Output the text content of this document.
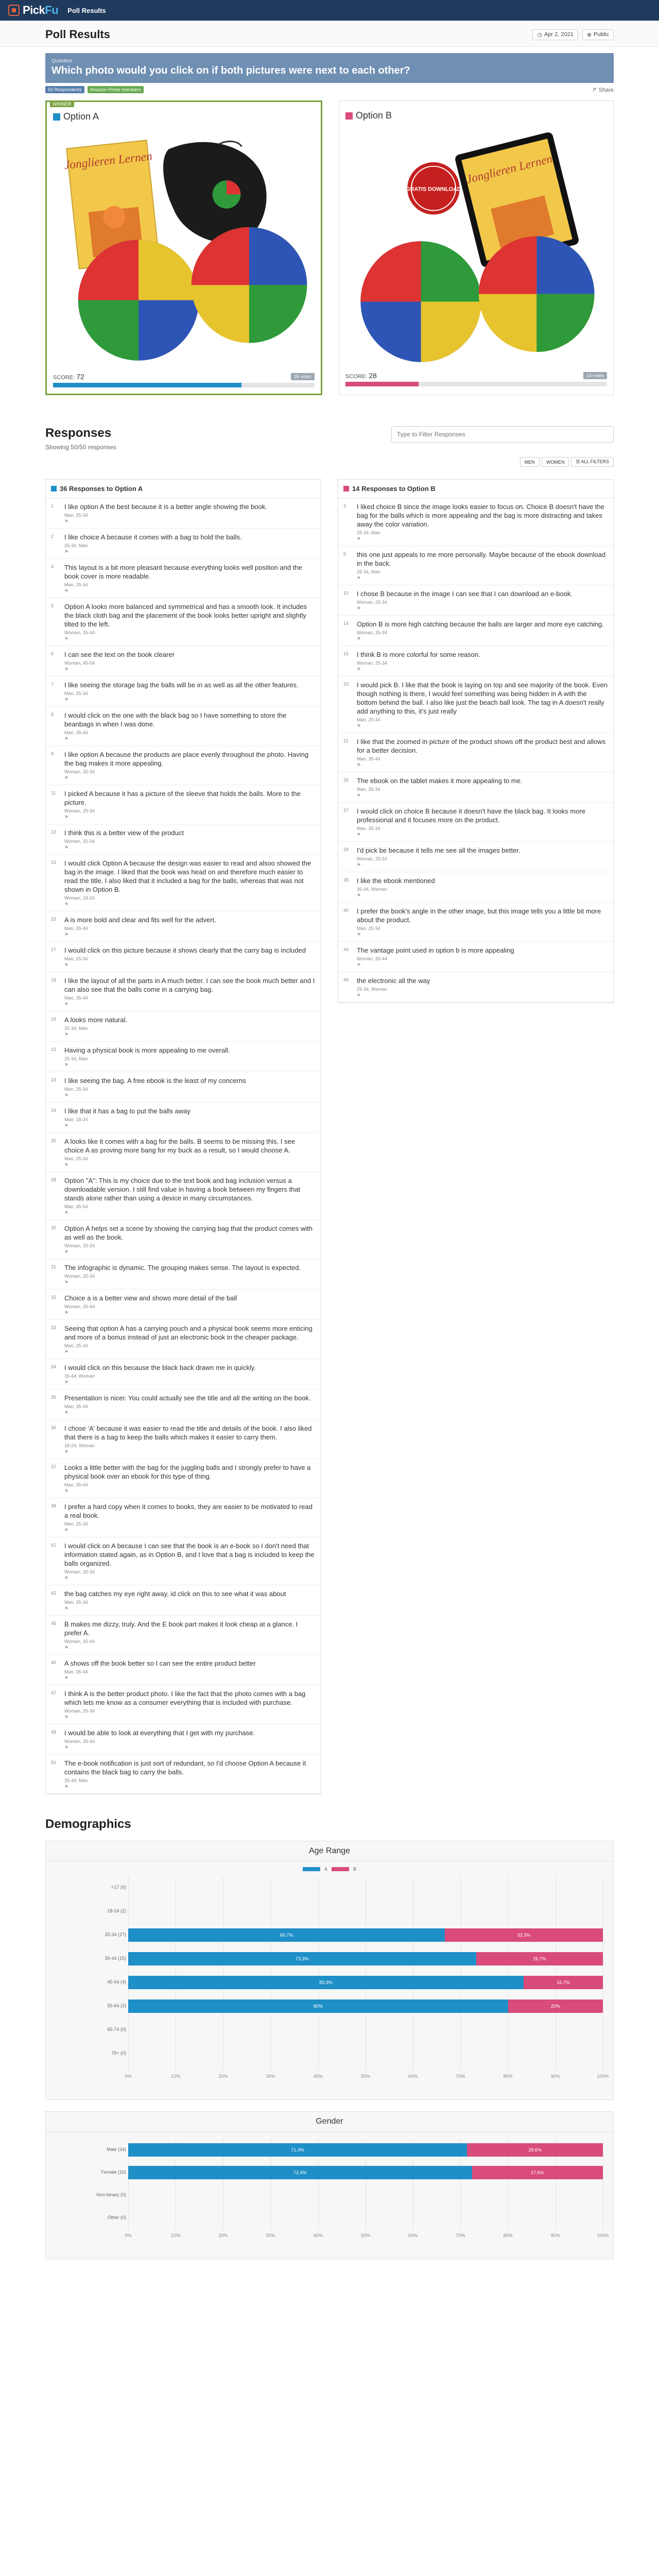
PickFu Poll Results
Poll Results	◷ Apr 2, 2021 ⊕ Public
Question
Which photo would you click on if both pictures were next to each other?
50 Respondents	Amazon Prime members	↱ Share
WINNER
Option A
Jonglieren Lernen
SCORE: 72	36 votes
Option B
Jonglieren Lernen
GRATIS DOWNLOAD
SCORE: 28	14 votes
Responses
Showing 50/50 responses
Type to Filter Responses
MEN	WOMEN	☰ ALL FILTERS
36 Responses to Option A
1	I like option A the best because it is a better angle showing the book.
Man, 25-34
⚑
2	I like choice A because it comes with a bag to hold the balls.
25-34, Man
⚑
4	This layout is a bit more pleasant because everything looks well position and the book cover is more readable.
Man, 25-34
⚑
5	Option A looks more balanced and symmetrical and has a smooth look. It includes the black cloth bag and the placement of the book looks better upright and slightly tilted to the left.
Woman, 35-44
⚑
6	I can see the text on the book clearer
Woman, 45-54
⚑
7	I like seeing the storage bag the balls will be in as well as all the other features.
Man, 25-34
⚑
8	I would click on the one with the black bag so I have something to store the beanbags in when I was done.
Man, 35-44
⚑
9	I like option A because the products are place evenly throughout the photo. Having the bag makes it more appealing.
Woman, 25-34
⚑
11	I picked A because it has a picture of the sleeve that holds the balls. More to the picture.
Woman, 25-34
⚑
12	I think this is a better view of the product
Woman, 25-34
⚑
13	I would click Option A because the design was easier to read and alsoo showed the bag in the image. I liked that the book was head on and therefore much easier to read the title. I also liked that it included a bag for the balls, whereas that was not shown in Option B.
Woman, 18-24
⚑
15	A is more bold and clear and fits well for the advert.
Man, 35-44
⚑
17	I would click on this picture because it shows clearly that the carry bag is included
Man, 25-34
⚑
18	I like the layout of all the parts in A much better. I can see the book much better and I can also see that the balls come in a carrying bag.
Man, 35-44
⚑
19	A looks more natural.
25-34, Man
⚑
22	Having a physical book is more appealing to me overall.
25-34, Man
⚑
23	I like seeing the bag. A free ebook is the least of my concerns
Man, 25-34
⚑
24	I like that it has a bag to put the balls away
Man, 18-24
⚑
25	A looks like it comes with a bag for the balls. B seems to be missing this. I see choice A as proving more bang for my buck as a result, so I would choose A.
Man, 25-34
⚑
28	Option "A": This is my choice due to the text book and bag inclusion versus a downloadable version. I still find value in having a book between my fingers that stands alone rather than using a device in many circumstances.
Man, 45-54
⚑
30	Option A helps set a scene by showing the carrying bag that the product comes with as well as the book.
Woman, 25-34
⚑
31	The infographic is dynamic. The grouping makes sense. The layout is expected.
Woman, 25-34
⚑
32	Choice a is a better view and shows more detail of the ball
Woman, 35-44
⚑
33	Seeing that option A has a carrying pouch and a physical book seems more enticing and more of a bonus instead of just an electronic book in the cheaper package.
Man, 25-34
⚑
34	I would click on this because the black back drawn me in quickly.
35-44, Woman
⚑
35	Presentation is nicer. You could actually see the title and all the writing on the book.
Man, 35-44
⚑
36	I chose 'A' because it was easier to read the title and details of the book. I also liked that there is a bag to keep the balls which makes it easier to carry them.
18-24, Woman
⚑
37	Looks a little better with the bag for the juggling balls and I strongly prefer to have a physical book over an ebook for this type of thing.
Man, 35-44
⚑
38	I prefer a hard copy when it comes to books, they are easier to be motivated to read a real book.
Man, 25-34
⚑
41	I would click on A because I can see that the book is an e-book so I don't need that information stated again, as in Option B, and I love that a bag is included to keep the balls organized.
Woman, 25-34
⚑
42	the bag catches my eye right away, id click on this to see what it was about
Man, 25-34
⚑
45	B makes me dizzy, truly. And the E book part makes it look cheap at a glance. I prefer A.
Woman, 35-44
⚑
46	A shows off the book better so I can see the entire product better
Man, 35-44
⚑
47	I think A is the better product photo. I like the fact that the photo comes with a bag which lets me know as a consumer everything that is included with purchase.
Woman, 25-34
⚑
48	I would be able to look at everything that I get with my purchase.
Woman, 35-44
⚑
50	The e-book notification is just sort of redundant, so I'd choose Option A because it contains the black bag to carry the balls.
35-44, Man
⚑
14 Responses to Option B
3	I liked choice B since the image looks easier to focus on. Choice B doesn't have the bag for the balls which is more appealing and the bag is more distracting and takes away the color variation.
25-34, Man
⚑
6	this one just appeals to me more personally. Maybe because of the ebook download in the back.
25-34, Man
⚑
10	I chose B because in the image I can see that I can download an e-book.
Woman, 25-34
⚑
14	Option B is more high catching because the balls are larger and more eye catching.
Woman, 25-34
⚑
16	I think B is more colorful for some reason.
Woman, 25-34
⚑
20	I would pick B. I like that the book is laying on top and see majority of the book. Even though nothing is there, I would feel something was being hidden in A with the bottom behind the ball. I also like just the beach ball look. The tag in A doesn't really add anything to this, it's just really
Man, 25-34
⚑
21	I like that the zoomed in picture of the product shows off the product best and allows for a better decision.
Man, 35-44
⚑
26	The ebook on the tablet makes it more appealing to me.
Man, 25-34
⚑
27	I would click on choice B because it doesn't have the black bag. It looks more professional and it focuses more on the product.
Man, 25-34
⚑
29	I'd pick be because it tells me see all the images better.
Woman, 25-34
⚑
39	I like the ebook mentioned
35-44, Woman
⚑
40	I prefer the book's angle in the other image, but this image tells you a little bit more about the product.
Man, 25-34
⚑
44	The vantage point used in option b is more appealing
Woman, 35-44
⚑
49	the electronic all the way
25-34, Woman
⚑
Demographics
Age Range
A	B
0%	10%	20%	30%	40%	50%	60%	70%	80%	90%	100%
<17 (0)
18-24 (2)
25-34 (27)	66.7%	33.3%
35-44 (15)	73.3%	26.7%
45-54 (4)	83.3%	16.7%
55-64 (2)	80%	20%
65-74 (0)
75+ (0)
Gender
0%	10%	20%	30%	40%	50%	60%	70%	80%	90%	100%
Male (34)	71.4%	28.6%
Female (16)	72.4%	27.6%
Non-binary (0)
Other (0)
